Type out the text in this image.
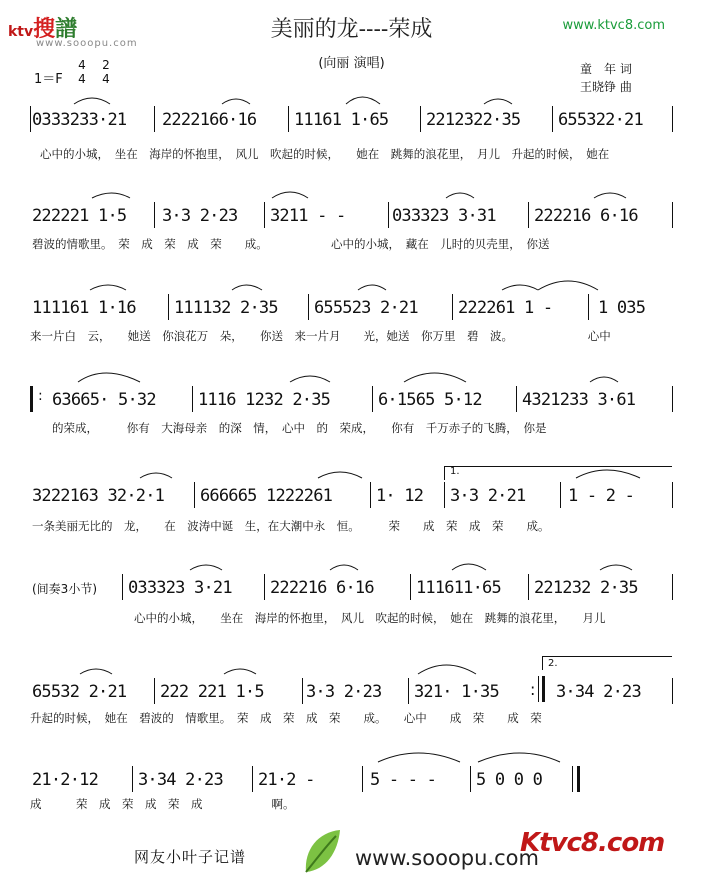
ktv搜譜
www.sooopu.com
美丽的龙----荣成	www.ktvc8.com
(向丽 演唱)
1＝F
4
4
2
4
童　年 词
王晓铮 曲
0333233·21 2222166·16 11161 1·65 2212322·35 655322·21
心中的小城，　坐在　海岸的怀抱里，　风儿　吹起的时候，　　她在　跳舞的浪花里，　月儿　升起的时候，　她在
222221 1·5 3·3 2·23 3211 - -	033323 3·31 222216 6·16
碧波的情歌里。　荣　成　荣　成　荣　　成。　　　　　　心中的小城，　藏在　儿时的贝壳里，　你送
111161 1·16 111132 2·35 655523 2·21 222261 1 -	1 035
来一片白　云，　　她送　你浪花万　朵，　　你送　来一片月　　光，她送　你万里　碧　波。　　　　　　　心中
: 63665· 5·32 1116 1232 2·35	6·1565 5·12 4321233 3·61
的荣成，　　　你有　大海母亲　的深　情，　心中　的　荣成，　　你有　千万赤子的飞腾，　你是
3222163 32·2·1 666665 1222261	1· 12 3·3 2·21	1 - 2 -
1.
一条美丽无比的　龙，　　在　波涛中诞　生，在大潮中永　恒。　　　荣　　成　荣　成　荣　　成。
(间奏3小节) 033323 3·21 222216 6·16 111611·65 221232 2·35
心中的小城，　　坐在　海岸的怀抱里，　风儿　吹起的时候，　她在　跳舞的浪花里，　　月儿
65532 2·21 222 221 1·5 3·3 2·23 321· 1·35 : 3·34 2·23
2.
升起的时候，　她在　碧波的　情歌里。　荣　成　荣　成　荣　　成。　　心中　　成　荣　　成　荣
21·2·12 3·34 2·23 21·2 -	5 - - - 5 0 0 0
成　　　荣　成　荣　成　荣　成　　　　　　啊。
网友小叶子记谱	www.sooopu.com
Ktvc8.com
